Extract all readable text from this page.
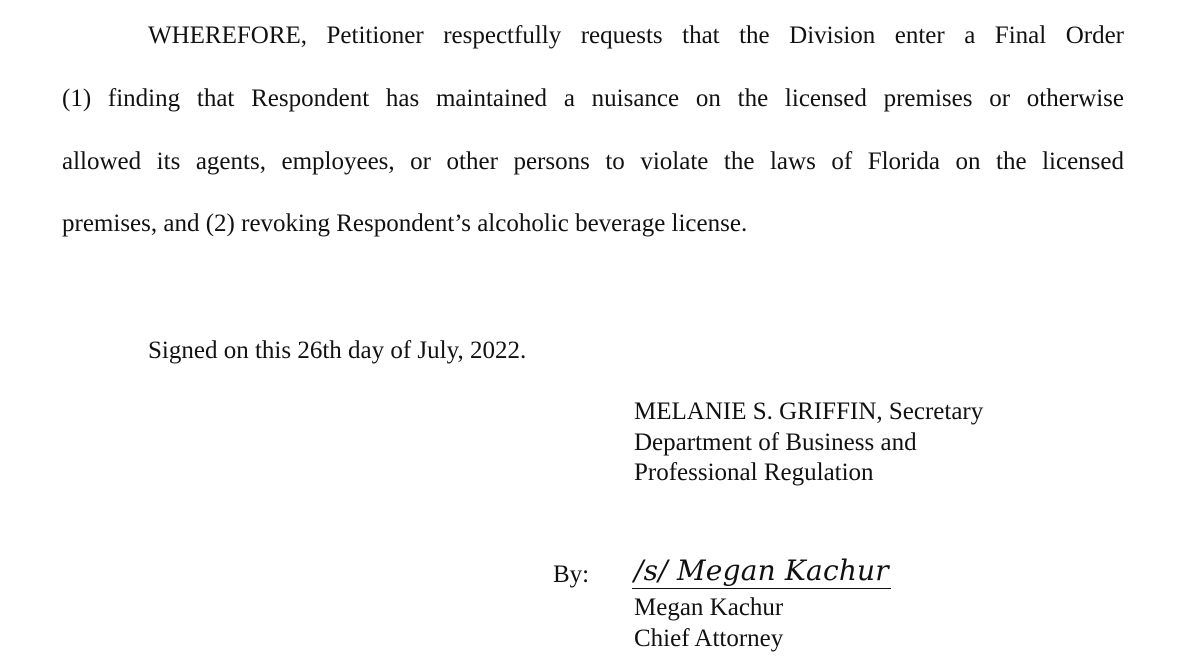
WHEREFORE, Petitioner respectfully requests that the Division enter a Final Order
(1) finding that Respondent has maintained a nuisance on the licensed premises or otherwise
allowed its agents, employees, or other persons to violate the laws of Florida on the licensed
premises, and (2) revoking Respondent’s alcoholic beverage license.
Signed on this 26th day of July, 2022.
MELANIE S. GRIFFIN, Secretary
Department of Business and
Professional Regulation
By: /s/ Megan Kachur
Megan Kachur
Chief Attorney
